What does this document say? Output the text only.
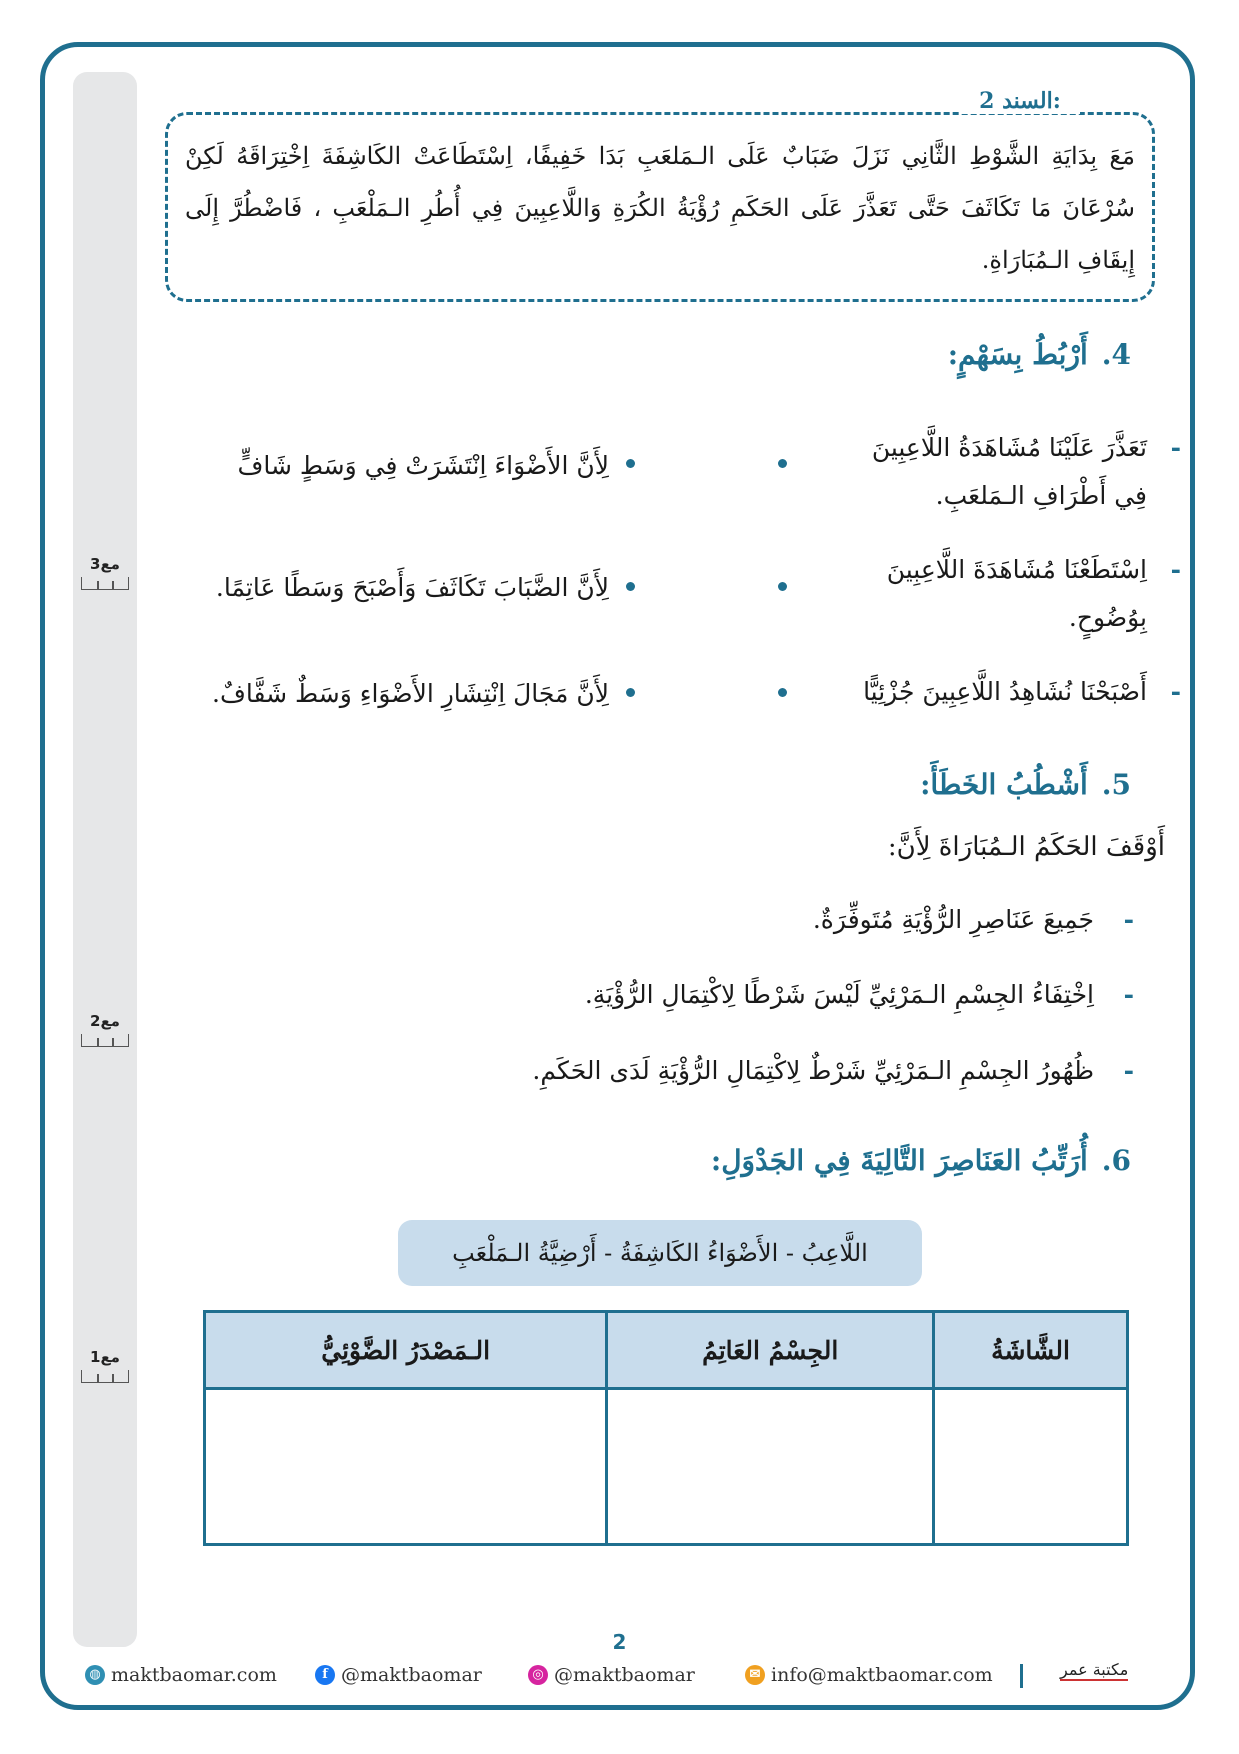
مع3
مع2
مع1
السند 2:
مَعَ بِدَايَةِ الشَّوْطِ الثَّانِي نَزَلَ ضَبَابٌ عَلَى الـمَلعَبِ بَدَا خَفِيفًا، اِسْتَطَاعَتْ الكَاشِفَةَ اِخْتِرَاقَهُ لَكِنْ سُرْعَانَ مَا تَكَاثَفَ حَتَّى تَعَذَّرَ عَلَى الحَكَمِ رُؤْيَةُ الكُرَةِ وَاللَّاعِبِينَ فِي أُطُرِ الـمَلْعَبِ ، فَاضْطُرَّ إِلَى إِيقَافِ الـمُبَارَاةِ.
4.أَرْبُطُ بِسَهْمٍ:
-
تَعَذَّرَ عَلَيْنَا مُشَاهَدَةُ اللَّاعِبِينَ فِي أَطْرَافِ الـمَلعَبِ.
-
اِسْتَطَعْنَا مُشَاهَدَةَ اللَّاعِبِينَ بِوُضُوحٍ.
-
أَصْبَحْنَا نُشَاهِدُ اللَّاعِبِينَ جُزْئِيًّا
لِأَنَّ الأَضْوَاءَ اِنْتَشَرَتْ فِي وَسَطٍ شَافٍّ
لِأَنَّ الضَّبَابَ تَكَاثَفَ وَأَصْبَحَ وَسَطًا عَاتِمًا.
لِأَنَّ مَجَالَ اِنْتِشَارِ الأَضْوَاءِ وَسَطٌ شَفَّافٌ.
5.أَشْطُبُ الخَطَأَ:
أَوْقَفَ الحَكَمُ الـمُبَارَاةَ لِأَنَّ:
-
جَمِيعَ عَنَاصِرِ الرُّؤْيَةِ مُتَوفِّرَةٌ.
-
اِخْتِفَاءُ الجِسْمِ الـمَرْئِيِّ لَيْسَ شَرْطًا لِاكْتِمَالِ الرُّؤْيَةِ.
-
ظُهُورُ الجِسْمِ الـمَرْئِيِّ شَرْطٌ لِاكْتِمَالِ الرُّؤْيَةِ لَدَى الحَكَمِ.
6.أُرَتِّبُ العَنَاصِرَ التَّالِيَةَ فِي الجَدْوَلِ:
اللَّاعِبُ - الأَضْوَاءُ الكَاشِفَةُ - أَرْضِيَّةُ الـمَلْعَبِ
الشَّاشَةُ	الجِسْمُ العَاتِمُ	الـمَصْدَرُ الضَّوْئِيُّ

2
◍ maktbaomar.com	f @maktbaomar	◎ @maktbaomar	✉ info@maktbaomar.com	مكتبة عمر
